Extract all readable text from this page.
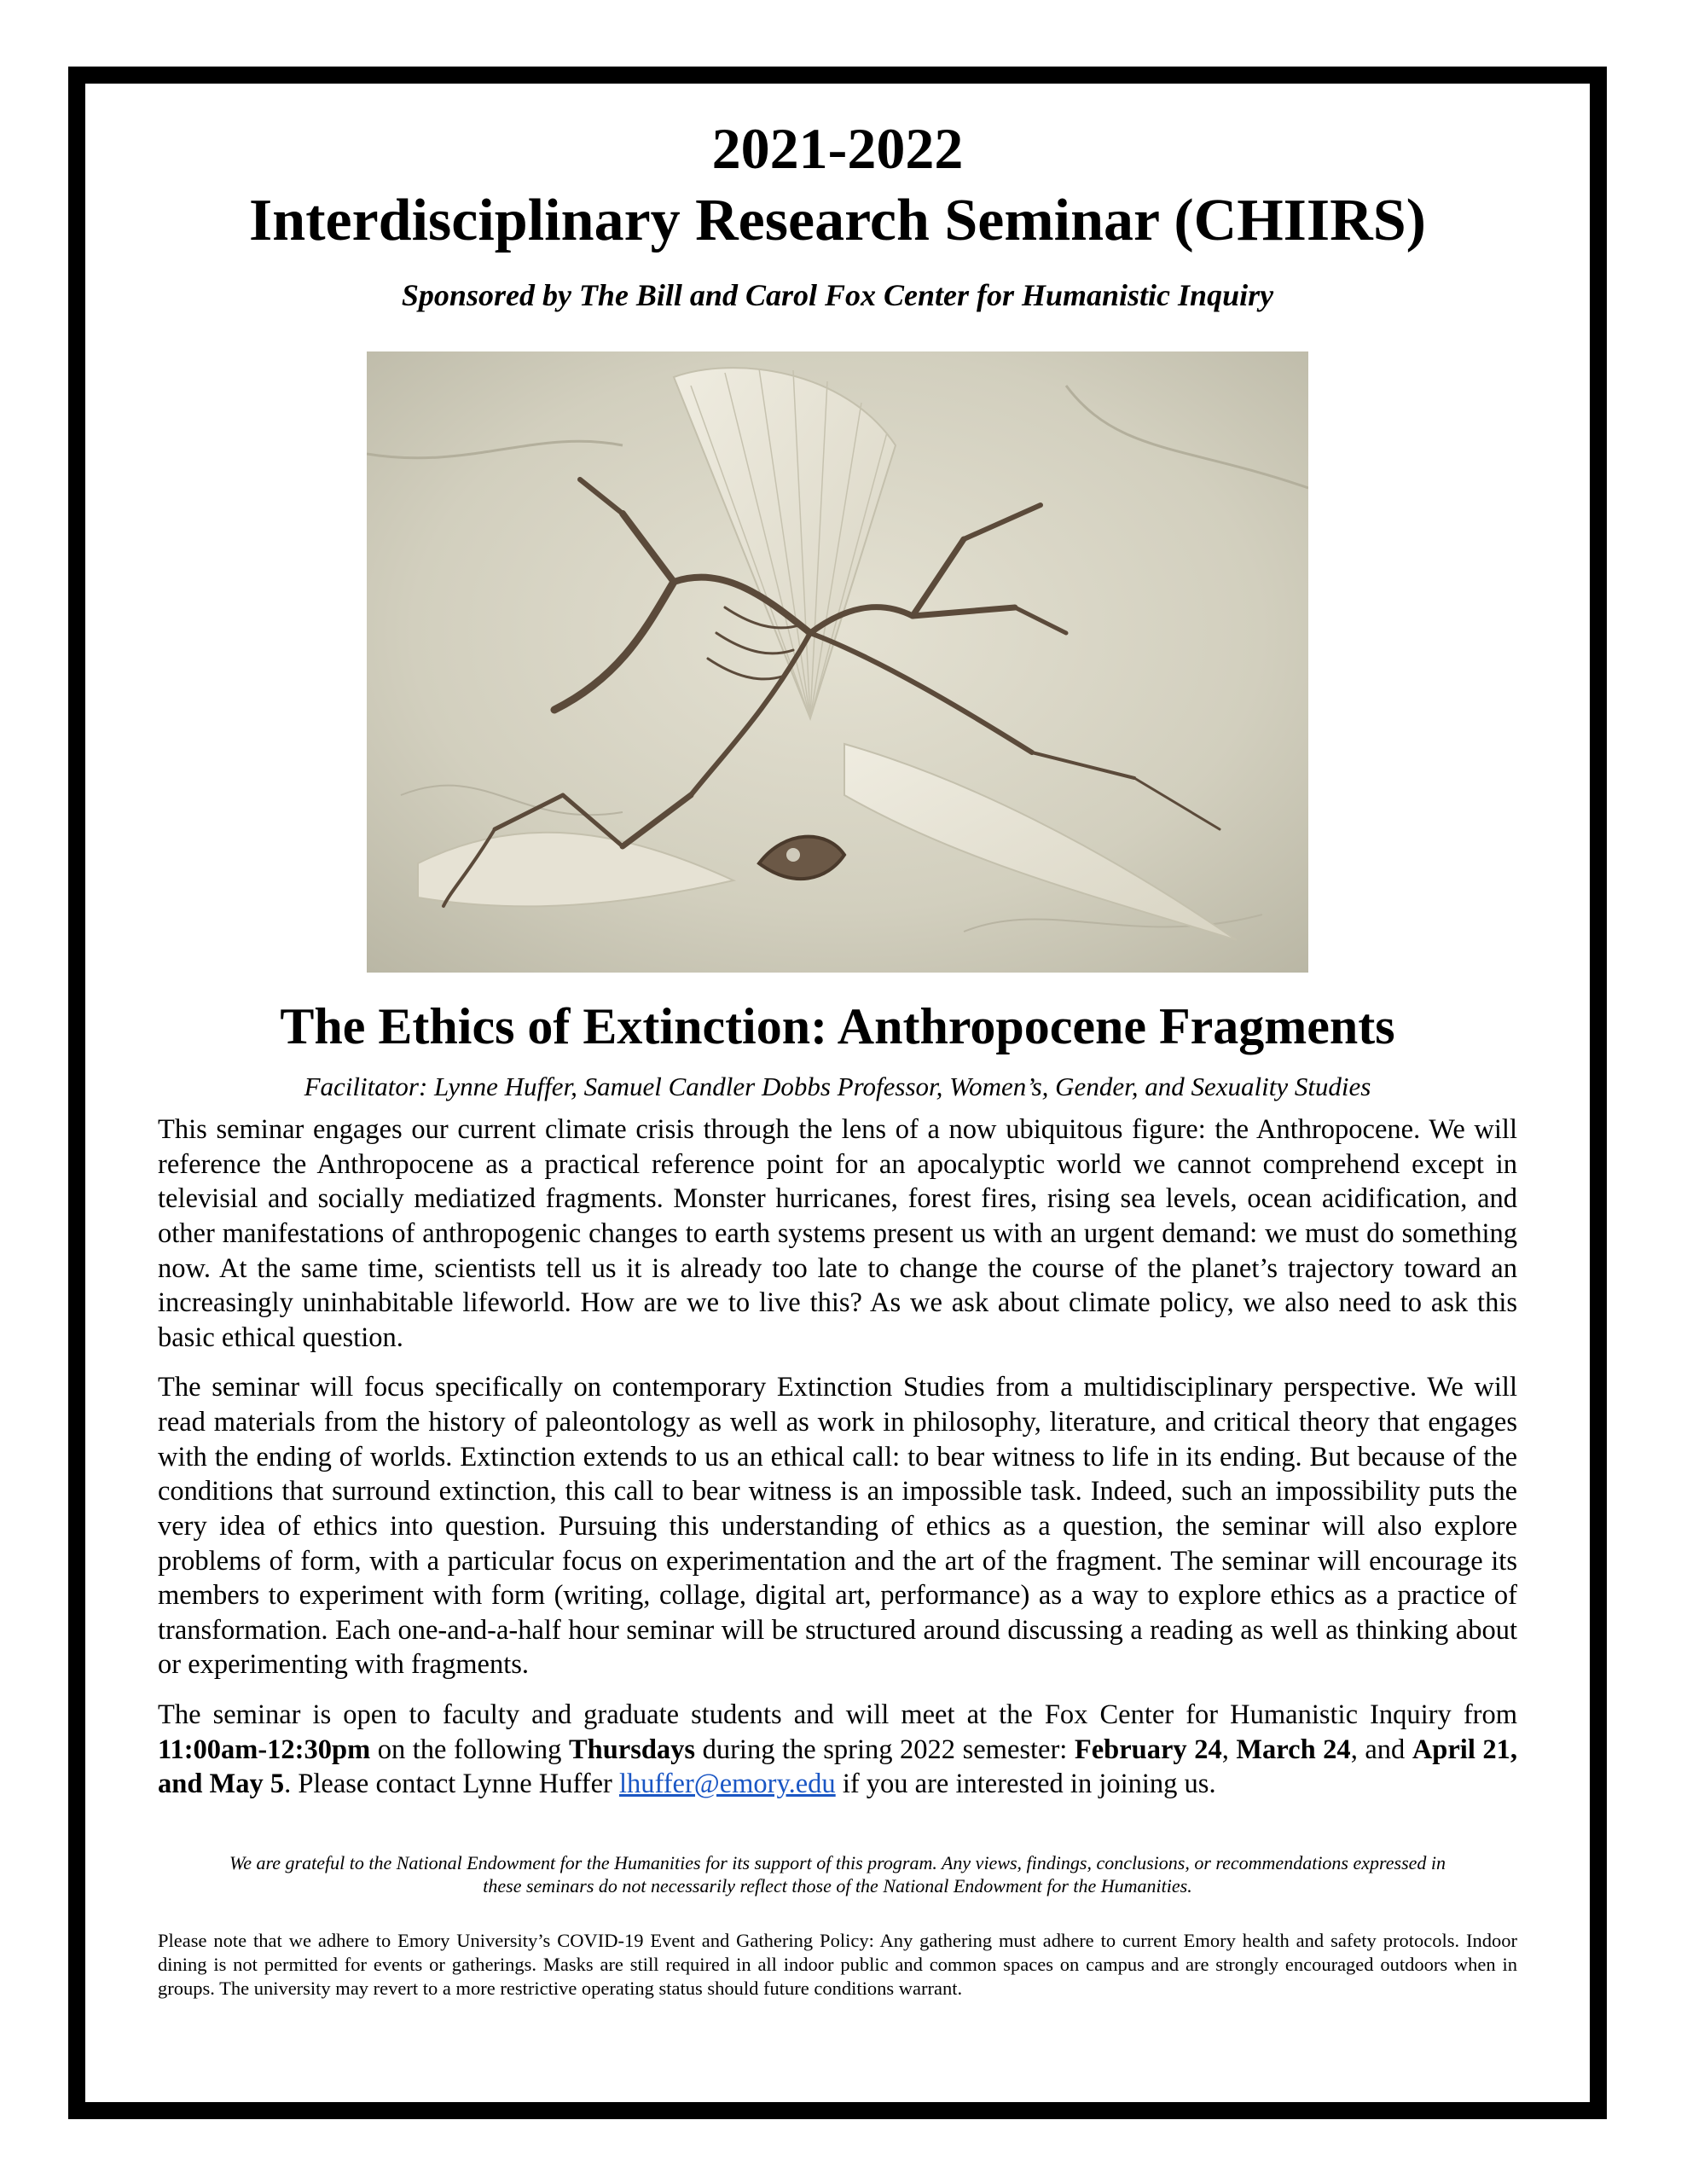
2021-2022
Interdisciplinary Research Seminar (CHIIRS)

Sponsored by The Bill and Carol Fox Center for Humanistic Inquiry

The Ethics of Extinction: Anthropocene Fragments

Facilitator: Lynne Huffer, Samuel Candler Dobbs Professor, Women’s, Gender, and Sexuality Studies

This seminar engages our current climate crisis through the lens of a now ubiquitous figure: the Anthropocene. We will reference the Anthropocene as a practical reference point for an apocalyptic world we cannot comprehend except in televisial and socially mediatized fragments. Monster hurricanes, forest fires, rising sea levels, ocean acidification, and other manifestations of anthropogenic changes to earth systems present us with an urgent demand: we must do something now. At the same time, scientists tell us it is already too late to change the course of the planet’s trajectory toward an increasingly uninhabitable lifeworld. How are we to live this? As we ask about climate policy, we also need to ask this basic ethical question.

The seminar will focus specifically on contemporary Extinction Studies from a multidisciplinary perspective. We will read materials from the history of paleontology as well as work in philosophy, literature, and critical theory that engages with the ending of worlds. Extinction extends to us an ethical call: to bear witness to life in its ending. But because of the conditions that surround extinction, this call to bear witness is an impossible task. Indeed, such an impossibility puts the very idea of ethics into question. Pursuing this understanding of ethics as a question, the seminar will also explore problems of form, with a particular focus on experimentation and the art of the fragment. The seminar will encourage its members to experiment with form (writing, collage, digital art, performance) as a way to explore ethics as a practice of transformation. Each one-and-a-half hour seminar will be structured around discussing a reading as well as thinking about or experimenting with fragments.

The seminar is open to faculty and graduate students and will meet at the Fox Center for Humanistic Inquiry from 11:00am-12:30pm on the following Thursdays during the spring 2022 semester: February 24, March 24, and April 21, and May 5. Please contact Lynne Huffer lhuffer@emory.edu if you are interested in joining us.

We are grateful to the National Endowment for the Humanities for its support of this program. Any views, findings, conclusions, or recommendations expressed in these seminars do not necessarily reflect those of the National Endowment for the Humanities.

Please note that we adhere to Emory University’s COVID-19 Event and Gathering Policy: Any gathering must adhere to current Emory health and safety protocols. Indoor dining is not permitted for events or gatherings. Masks are still required in all indoor public and common spaces on campus and are strongly encouraged outdoors when in groups. The university may revert to a more restrictive operating status should future conditions warrant.
